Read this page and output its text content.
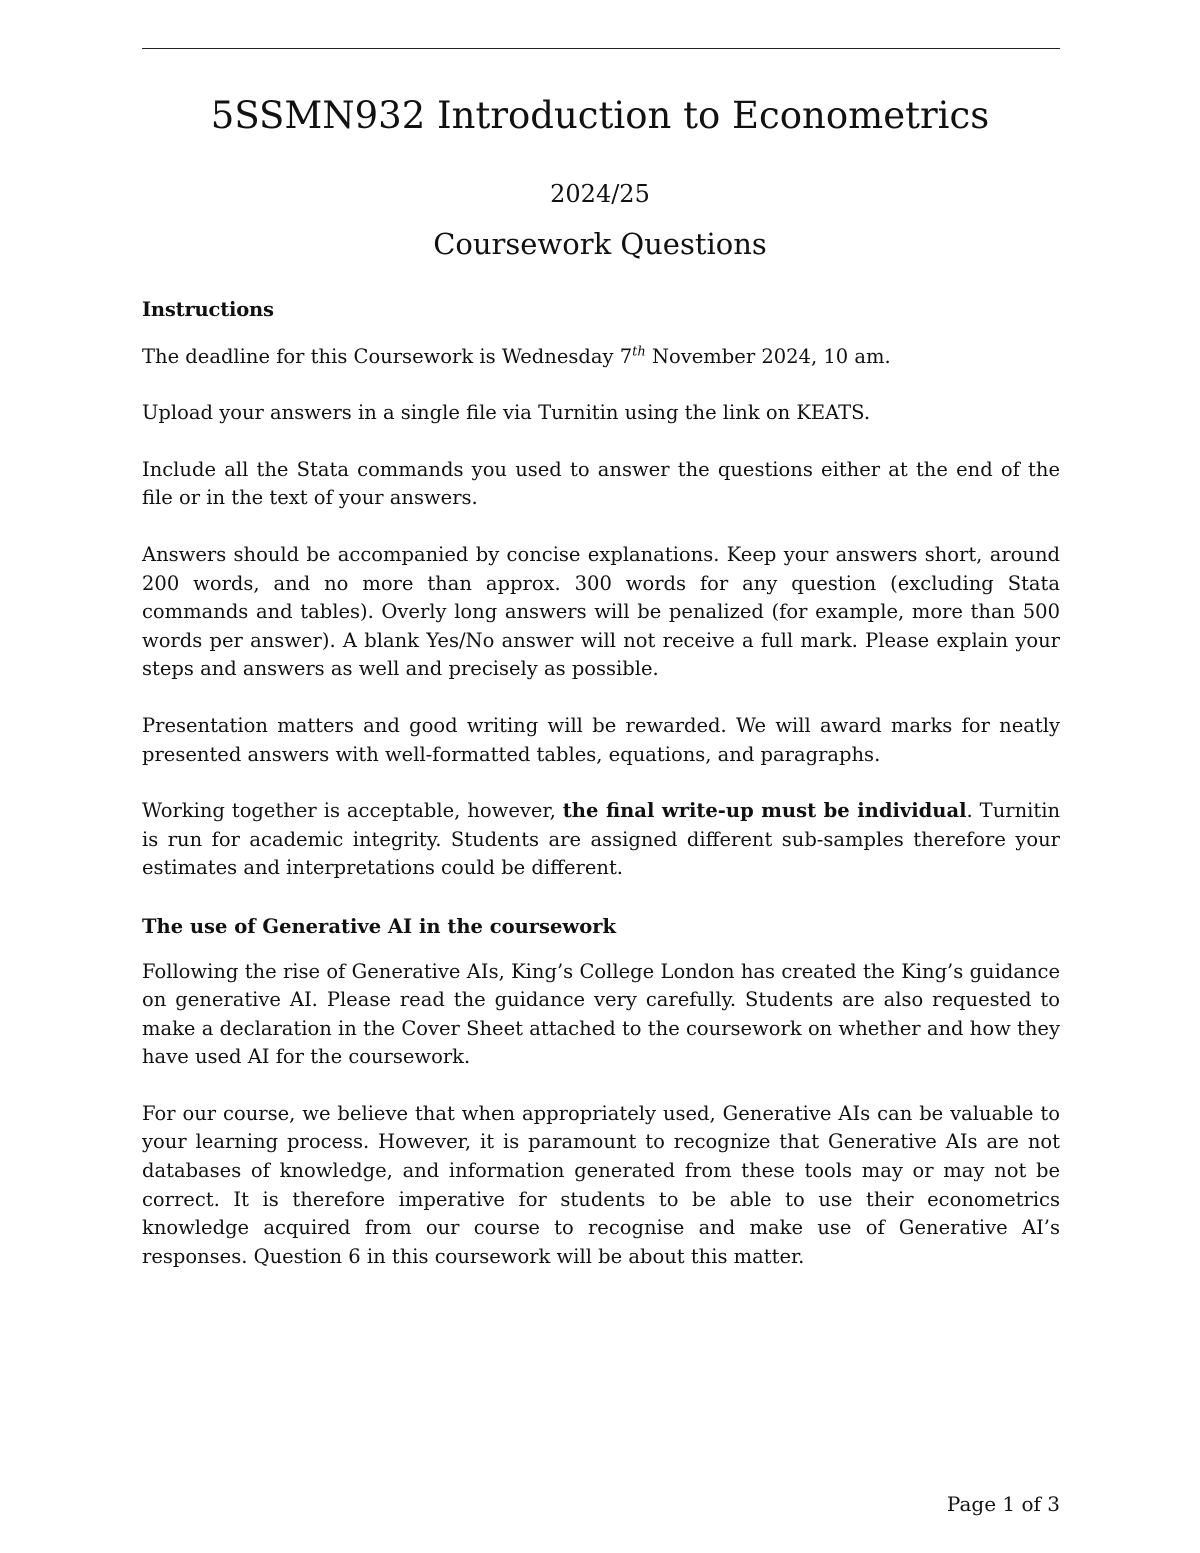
5SSMN932 Introduction to Econometrics
2024/25
Coursework Questions
Instructions

The deadline for this Coursework is Wednesday 7th November 2024, 10 am.

Upload your answers in a single file via Turnitin using the link on KEATS.

Include all the Stata commands you used to answer the questions either at the end of the file or in the text of your answers.

Answers should be accompanied by concise explanations. Keep your answers short, around 200 words, and no more than approx. 300 words for any question (excluding Stata commands and tables). Overly long answers will be penalized (for example, more than 500 words per answer). A blank Yes/No answer will not receive a full mark. Please explain your steps and answers as well and precisely as possible.

Presentation matters and good writing will be rewarded. We will award marks for neatly presented answers with well-formatted tables, equations, and paragraphs.

Working together is acceptable, however, the final write-up must be individual. Turnitin is run for academic integrity. Students are assigned different sub-samples therefore your estimates and interpretations could be different.

The use of Generative AI in the coursework

Following the rise of Generative AIs, King’s College London has created the King’s guidance on generative AI. Please read the guidance very carefully. Students are also requested to make a declaration in the Cover Sheet attached to the coursework on whether and how they have used AI for the coursework.

For our course, we believe that when appropriately used, Generative AIs can be valuable to your learning process. However, it is paramount to recognize that Generative AIs are not databases of knowledge, and information generated from these tools may or may not be correct. It is therefore imperative for students to be able to use their econometrics knowledge acquired from our course to recognise and make use of Generative AI’s responses. Question 6 in this coursework will be about this matter.

Page 1 of 3
